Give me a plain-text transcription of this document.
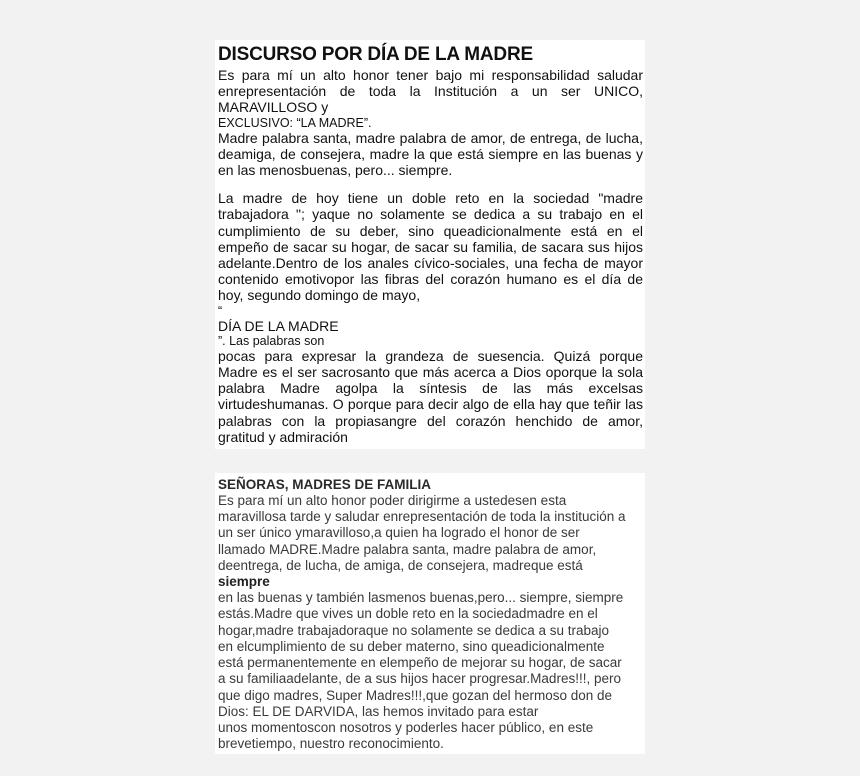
DISCURSO POR DÍA DE LA MADRE

Es para mí un alto honor tener bajo mi responsabilidad saludar enrepresentación de toda la Institución a un ser UNICO, MARAVILLOSO y

EXCLUSIVO: “LA MADRE”.

Madre palabra santa, madre palabra de amor, de entrega, de lucha, deamiga, de consejera, madre la que está siempre en las buenas y en las menosbuenas, pero... siempre.

La madre de hoy tiene un doble reto en la sociedad "madre trabajadora "; yaque no solamente se dedica a su trabajo en el cumplimiento de su deber, sino queadicionalmente está en el empeño de sacar su hogar, de sacar su familia, de sacara sus hijos adelante.Dentro de los anales cívico-sociales, una fecha de mayor contenido emotivopor las fibras del corazón humano es el día de hoy, segundo domingo de mayo,

“

DÍA DE LA MADRE

”. Las palabras son

pocas para expresar la grandeza de suesencia. Quizá porque Madre es el ser sacrosanto que más acerca a Dios oporque la sola palabra Madre agolpa la síntesis de las más excelsas virtudeshumanas. O porque para decir algo de ella hay que teñir las palabras con la propiasangre del corazón henchido de amor, gratitud y admiración

SEÑORAS, MADRES DE FAMILIA
Es para mí un alto honor poder dirigirme a ustedesen esta
maravillosa tarde y saludar enrepresentación de toda la institución a
un ser único ymaravilloso,a quien ha logrado el honor de ser
llamado MADRE.Madre palabra santa, madre palabra de amor,
deentrega, de lucha, de amiga, de consejera, madreque está
siempre
en las buenas y también lasmenos buenas,pero... siempre, siempre
estás.Madre que vives un doble reto en la sociedadmadre en el
hogar,madre trabajadoraque no solamente se dedica a su trabajo
en elcumplimiento de su deber materno, sino queadicionalmente
está permanentemente en elempeño de mejorar su hogar, de sacar
a su familiaadelante, de a sus hijos hacer progresar.Madres!!!, pero
que digo madres, Super Madres!!!,que gozan del hermoso don de
Dios: EL DE DARVIDA, las hemos invitado para estar
unos momentoscon nosotros y poderles hacer público, en este
brevetiempo, nuestro reconocimiento.
